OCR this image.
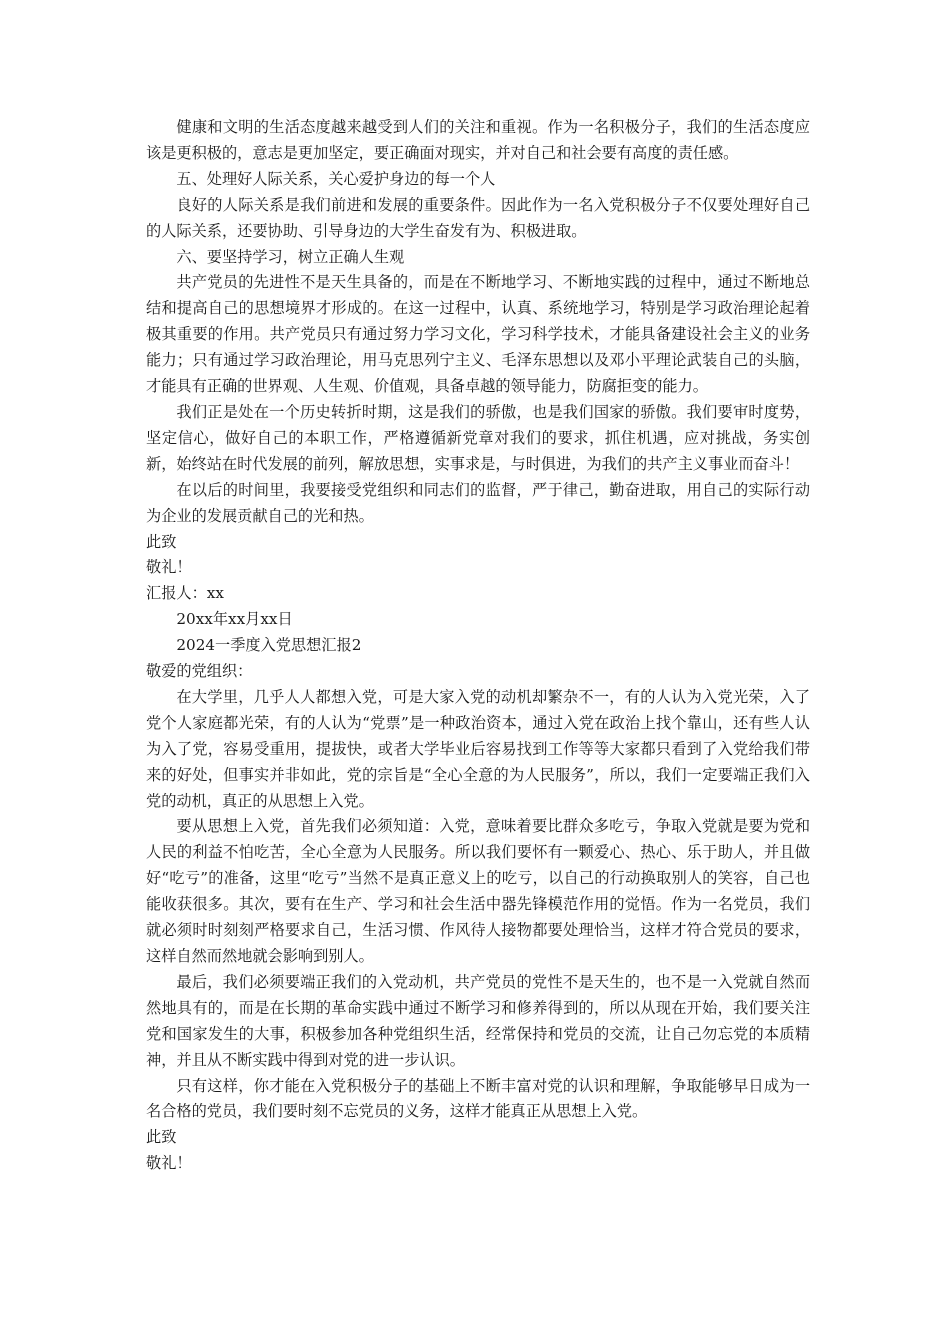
健康和文明的生活态度越来越受到人们的关注和重视。作为一名积极分子，我们的生活态度应该是更积极的，意志是更加坚定，要正确面对现实，并对自己和社会要有高度的责任感。

五、处理好人际关系，关心爱护身边的每一个人

良好的人际关系是我们前进和发展的重要条件。因此作为一名入党积极分子不仅要处理好自己的人际关系，还要协助、引导身边的大学生奋发有为、积极进取。

六、要坚持学习，树立正确人生观

共产党员的先进性不是天生具备的，而是在不断地学习、不断地实践的过程中，通过不断地总结和提高自己的思想境界才形成的。在这一过程中，认真、系统地学习，特别是学习政治理论起着极其重要的作用。共产党员只有通过努力学习文化，学习科学技术，才能具备建设社会主义的业务能力；只有通过学习政治理论，用马克思列宁主义、毛泽东思想以及邓小平理论武装自己的头脑，才能具有正确的世界观、人生观、价值观，具备卓越的领导能力，防腐拒变的能力。

我们正是处在一个历史转折时期，这是我们的骄傲，也是我们国家的骄傲。我们要审时度势，坚定信心，做好自己的本职工作，严格遵循新党章对我们的要求，抓住机遇，应对挑战，务实创新，始终站在时代发展的前列，解放思想，实事求是，与时俱进，为我们的共产主义事业而奋斗！

在以后的时间里，我要接受党组织和同志们的监督，严于律己，勤奋进取，用自己的实际行动为企业的发展贡献自己的光和热。

此致

敬礼！

汇报人：xx

20xx年xx月xx日

2024一季度入党思想汇报2

敬爱的党组织：

在大学里，几乎人人都想入党，可是大家入党的动机却繁杂不一，有的人认为入党光荣，入了党个人家庭都光荣，有的人认为“党票”是一种政治资本，通过入党在政治上找个靠山，还有些人认为入了党，容易受重用，提拔快，或者大学毕业后容易找到工作等等大家都只看到了入党给我们带来的好处，但事实并非如此，党的宗旨是“全心全意的为人民服务”，所以，我们一定要端正我们入党的动机，真正的从思想上入党。

要从思想上入党，首先我们必须知道：入党，意味着要比群众多吃亏，争取入党就是要为党和人民的利益不怕吃苦，全心全意为人民服务。所以我们要怀有一颗爱心、热心、乐于助人，并且做好“吃亏”的准备，这里“吃亏”当然不是真正意义上的吃亏，以自己的行动换取别人的笑容，自己也能收获很多。其次，要有在生产、学习和社会生活中器先锋模范作用的觉悟。作为一名党员，我们就必须时时刻刻严格要求自己，生活习惯、作风待人接物都要处理恰当，这样才符合党员的要求，这样自然而然地就会影响到别人。

最后，我们必须要端正我们的入党动机，共产党员的党性不是天生的，也不是一入党就自然而然地具有的，而是在长期的革命实践中通过不断学习和修养得到的，所以从现在开始，我们要关注党和国家发生的大事，积极参加各种党组织生活，经常保持和党员的交流，让自己勿忘党的本质精神，并且从不断实践中得到对党的进一步认识。

只有这样，你才能在入党积极分子的基础上不断丰富对党的认识和理解，争取能够早日成为一名合格的党员，我们要时刻不忘党员的义务，这样才能真正从思想上入党。

此致

敬礼！
